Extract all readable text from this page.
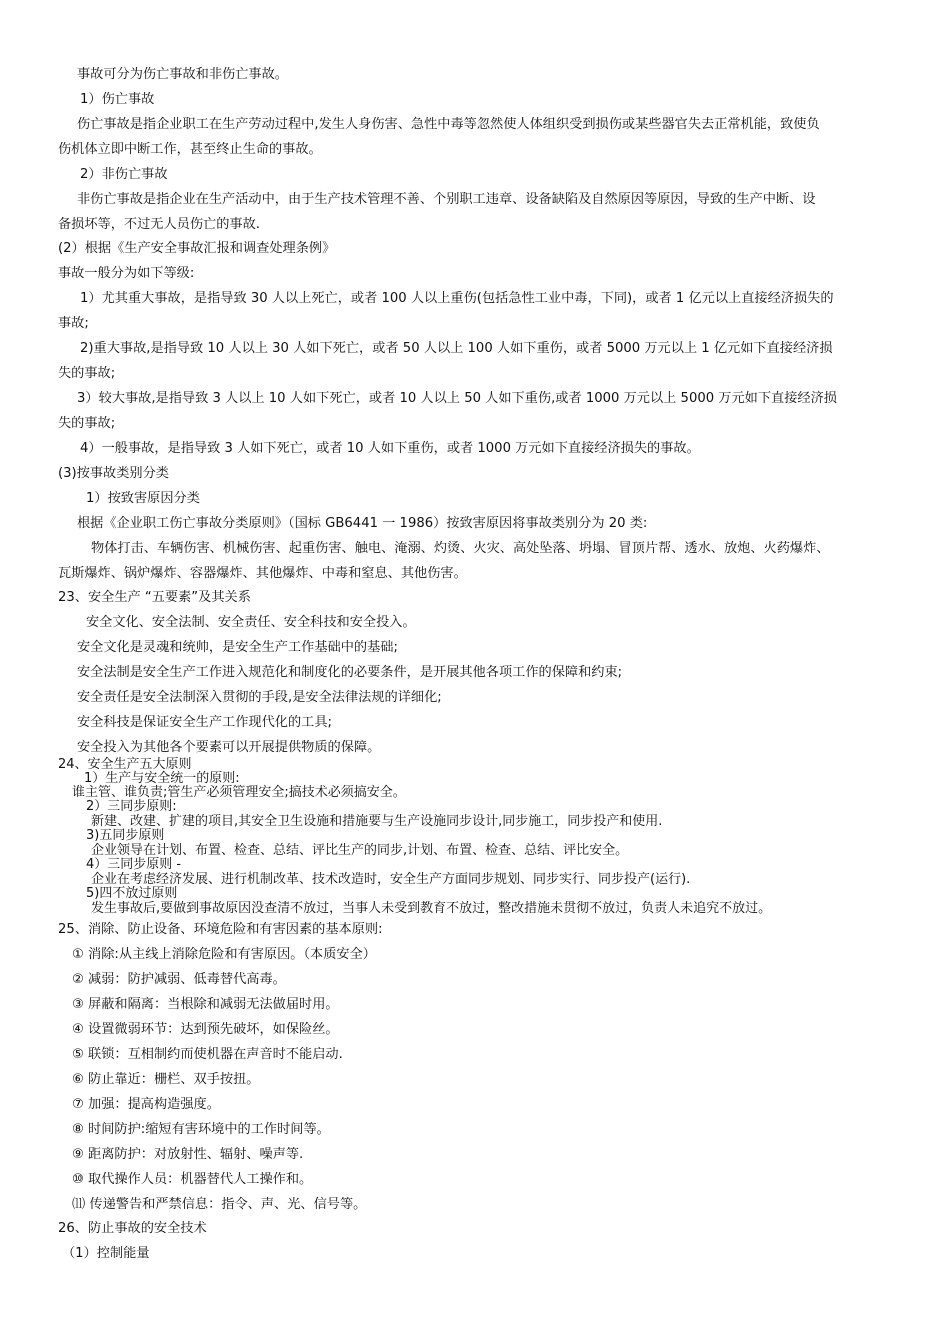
事故可分为伤亡事故和非伤亡事故。
1）伤亡事故
伤亡事故是指企业职工在生产劳动过程中,发生人身伤害、急性中毒等忽然使人体组织受到损伤或某些器官失去正常机能，致使负
伤机体立即中断工作，甚至终止生命的事故。
2）非伤亡事故
非伤亡事故是指企业在生产活动中，由于生产技术管理不善、个别职工违章、设备缺陷及自然原因等原因，导致的生产中断、设
备损坏等，不过无人员伤亡的事故.
(2）根据《生产安全事故汇报和调查处理条例》
事故一般分为如下等级:
1）尤其重大事故，是指导致 30 人以上死亡，或者 100 人以上重伤(包括急性工业中毒，下同)，或者 1 亿元以上直接经济损失的
事故;
2)重大事故,是指导致 10 人以上 30 人如下死亡，或者 50 人以上 100 人如下重伤，或者 5000 万元以上 1 亿元如下直接经济损
失的事故;
3）较大事故,是指导致 3 人以上 10 人如下死亡，或者 10 人以上 50 人如下重伤,或者 1000 万元以上 5000 万元如下直接经济损
失的事故;
4）一般事故，是指导致 3 人如下死亡，或者 10 人如下重伤，或者 1000 万元如下直接经济损失的事故。
(3)按事故类别分类
1）按致害原因分类
根据《企业职工伤亡事故分类原则》（国标 GB6441 一 1986）按致害原因将事故类别分为 20 类:
物体打击、车辆伤害、机械伤害、起重伤害、触电、淹溺、灼烫、火灾、高处坠落、坍塌、冒顶片帮、透水、放炮、火药爆炸、
瓦斯爆炸、锅炉爆炸、容器爆炸、其他爆炸、中毒和窒息、其他伤害。
23、安全生产 “五要素”及其关系
安全文化、安全法制、安全责任、安全科技和安全投入。
安全文化是灵魂和统帅，是安全生产工作基础中的基础;
安全法制是安全生产工作进入规范化和制度化的必要条件，是开展其他各项工作的保障和约束;
安全责任是安全法制深入贯彻的手段,是安全法律法规的详细化;
安全科技是保证安全生产工作现代化的工具;
安全投入为其他各个要素可以开展提供物质的保障。
24、安全生产五大原则
1）生产与安全统一的原则:
谁主管、谁负责;管生产必须管理安全;搞技术必须搞安全。
2）三同步原则:
新建、改建、扩建的项目,其安全卫生设施和措施要与生产设施同步设计,同步施工，同步投产和使用.
3)五同步原则
企业领导在计划、布置、检查、总结、评比生产的同步,计划、布置、检查、总结、评比安全。
4）三同步原则 -
企业在考虑经济发展、进行机制改革、技术改造时，安全生产方面同步规划、同步实行、同步投产(运行).
5)四不放过原则
发生事故后,要做到事故原因没查清不放过，当事人未受到教育不放过，整改措施未贯彻不放过，负责人未追究不放过。
25、消除、防止设备、环境危险和有害因素的基本原则:
① 消除:从主线上消除危险和有害原因。（本质安全）
② 减弱：防护减弱、低毒替代高毒。
③ 屏蔽和隔离：当根除和减弱无法做届时用。
④ 设置微弱环节：达到预先破坏，如保险丝。
⑤ 联锁：互相制约而使机器在声音时不能启动.
⑥ 防止靠近：栅栏、双手按扭。
⑦ 加强：提高构造强度。
⑧ 时间防护:缩短有害环境中的工作时间等。
⑨ 距离防护：对放射性、辐射、噪声等.
⑩ 取代操作人员：机器替代人工操作和。
⑾ 传递警告和严禁信息：指令、声、光、信号等。
26、防止事故的安全技术
（1）控制能量
